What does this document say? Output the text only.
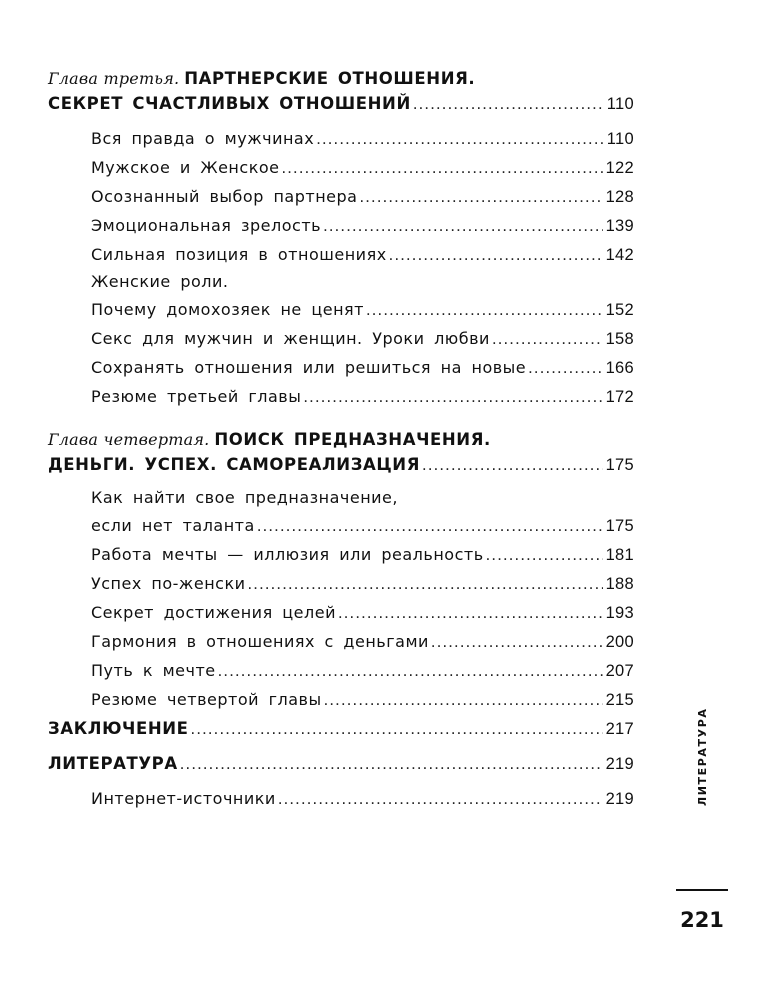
Глава третья. ПАРТНЕРСКИЕ ОТНОШЕНИЯ.
СЕКРЕТ СЧАСТЛИВЫХ ОТНОШЕНИЙ .....	110
Вся правда о мужчинах .....	110
Мужское и Женское .....	122
Осознанный выбор партнера .....	128
Эмоциональная зрелость .....	139
Сильная позиция в отношениях .....	142
Женские роли.
Почему домохозяек не ценят .....	152
Секс для мужчин и женщин. Уроки любви .....	158
Сохранять отношения или решиться на новые .....	166
Резюме третьей главы .....	172
Глава четвертая. ПОИСК ПРЕДНАЗНАЧЕНИЯ.
ДЕНЬГИ. УСПЕХ. САМОРЕАЛИЗАЦИЯ .....	175
Как найти свое предназначение,
если нет таланта .....	175
Работа мечты — иллюзия или реальность .....	181
Успех по-женски .....	188
Секрет достижения целей .....	193
Гармония в отношениях с деньгами .....	200
Путь к мечте .....	207
Резюме четвертой главы .....	215
ЗАКЛЮЧЕНИЕ .....	217
ЛИТЕРАТУРА .....	219
Интернет-источники .....	219	ЛИТЕРАТУРА
221
